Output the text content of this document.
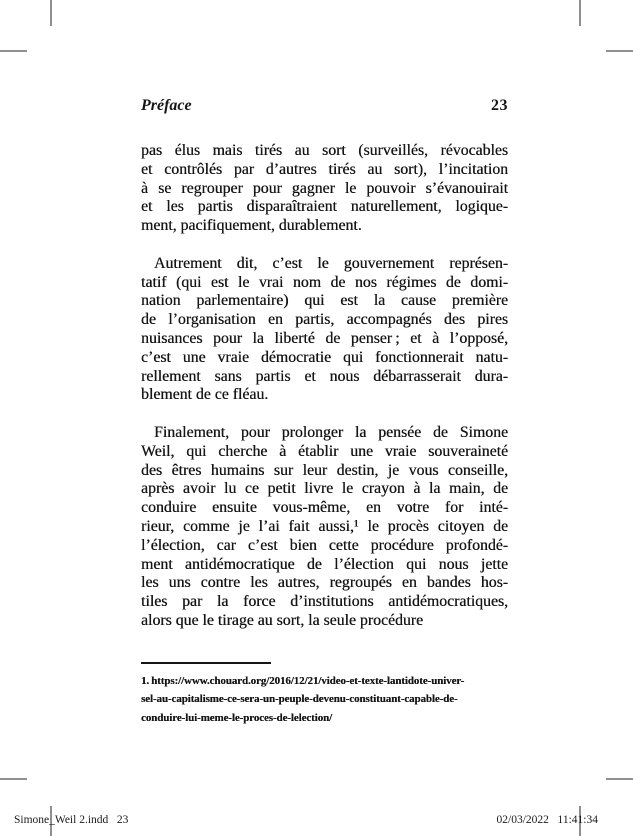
Préface	23
pas élus mais tirés au sort (surveillés, révocables
et contrôlés par d’autres tirés au sort), l’incitation
à se regrouper pour gagner le pouvoir s’évanouirait
et les partis disparaîtraient naturellement, logique-
ment, pacifiquement, durablement.
Autrement dit, c’est le gouvernement représen-
tatif (qui est le vrai nom de nos régimes de domi-
nation parlementaire) qui est la cause première
de l’organisation en partis, accompagnés des pires
nuisances pour la liberté de penser ; et à l’opposé,
c’est une vraie démocratie qui fonctionnerait natu-
rellement sans partis et nous débarrasserait dura-
blement de ce fléau.
Finalement, pour prolonger la pensée de Simone
Weil, qui cherche à établir une vraie souveraineté
des êtres humains sur leur destin, je vous conseille,
après avoir lu ce petit livre le crayon à la main, de
conduire ensuite vous-même, en votre for inté-
rieur, comme je l’ai fait aussi,¹ le procès citoyen de
l’élection, car c’est bien cette procédure profondé-
ment antidémocratique de l’élection qui nous jette
les uns contre les autres, regroupés en bandes hos-
tiles par la force d’institutions antidémocratiques,
alors que le tirage au sort, la seule procédure
1. https://www.chouard.org/2016/12/21/video-et-texte-lantidote-univer-
sel-au-capitalisme-ce-sera-un-peuple-devenu-constituant-capable-de-
conduire-lui-meme-le-proces-de-lelection/
Simone_Weil 2.indd   23	02/03/2022   11:41:34
